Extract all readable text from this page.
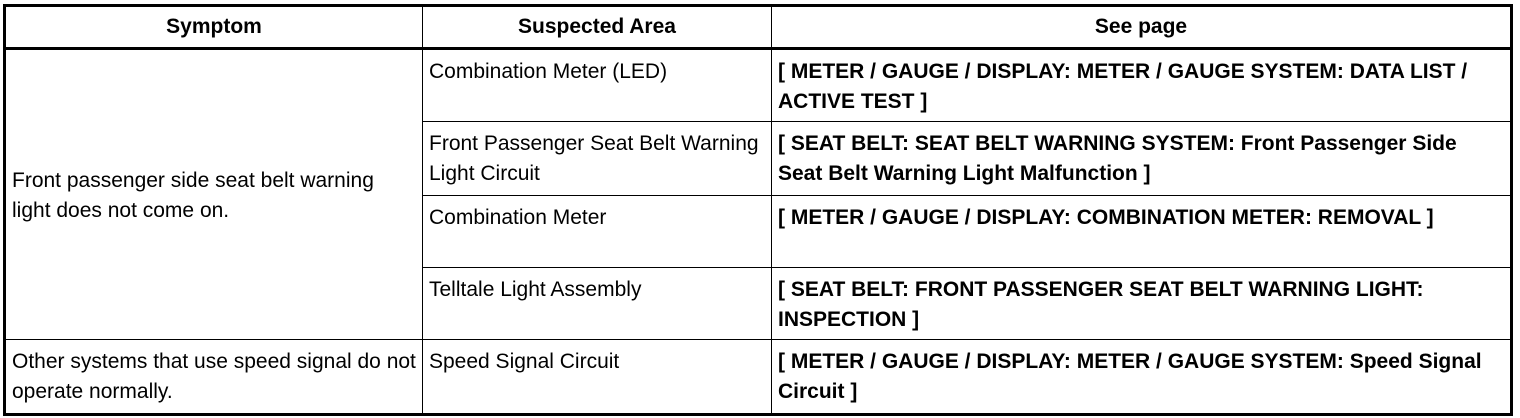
Symptom	Suspected Area	See page
Front passenger side seat belt warning light does not come on.	Combination Meter (LED)	[ METER / GAUGE / DISPLAY: METER / GAUGE SYSTEM: DATA LIST / ACTIVE TEST ]
	Front Passenger Seat Belt Warning Light Circuit	[ SEAT BELT: SEAT BELT WARNING SYSTEM: Front Passenger Side Seat Belt Warning Light Malfunction ]
	Combination Meter	[ METER / GAUGE / DISPLAY: COMBINATION METER: REMOVAL ]
	Telltale Light Assembly	[ SEAT BELT: FRONT PASSENGER SEAT BELT WARNING LIGHT: INSPECTION ]
Other systems that use speed signal do not operate normally.	Speed Signal Circuit	[ METER / GAUGE / DISPLAY: METER / GAUGE SYSTEM: Speed Signal Circuit ]
